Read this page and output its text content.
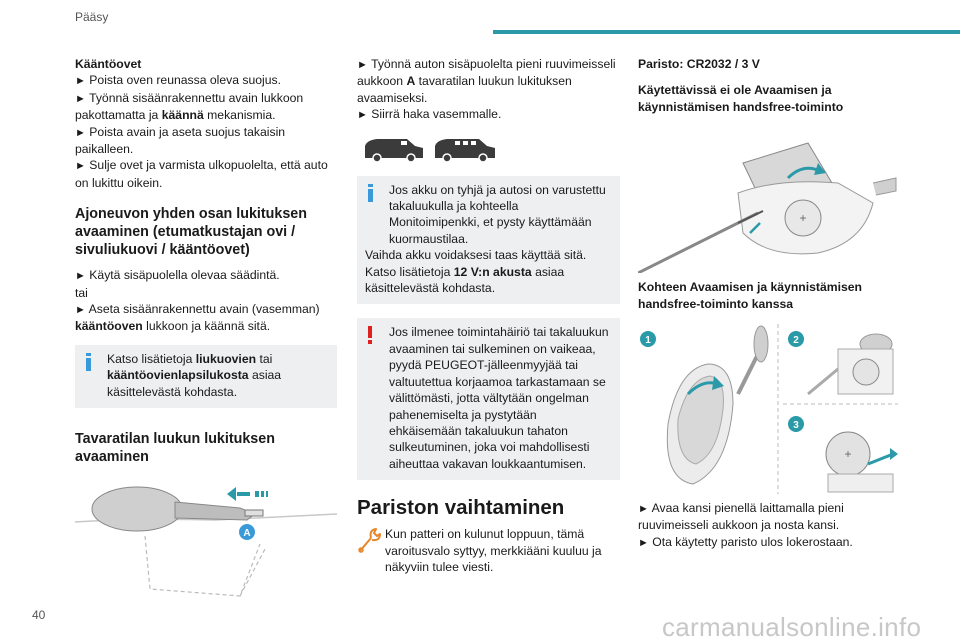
Pääsy

Kääntöovet

► Poista oven reunassa oleva suojus.

► Työnnä sisäänrakennettu avain lukkoon pakottamatta ja käännä mekanismia.

► Poista avain ja aseta suojus takaisin paikalleen.

► Sulje ovet ja varmista ulkopuolelta, että auto on lukittu oikein.

Ajoneuvon yhden osan lukituksen avaaminen (etumatkustajan ovi / sivuliukuovi / kääntöovet)

► Käytä sisäpuolella olevaa säädintä.

tai

► Aseta sisäänrakennettu avain (vasemman) kääntöoven lukkoon ja käännä sitä.

Katso lisätietoja liukuovien tai kääntöovienlapsilukosta asiaa käsittelevästä kohdasta.

Tavaratilan luukun lukituksen avaaminen
A

► Työnnä auton sisäpuolelta pieni ruuvimeisseli aukkoon A tavaratilan luukun lukituksen avaamiseksi.

► Siirrä haka vasemmalle.

Jos akku on tyhjä ja autosi on varustettu takaluukulla ja kohteella Monitoimipenkki, et pysty käyttämään kuormaustilaa.

Vaihda akku voidaksesi taas käyttää sitä.

Katso lisätietoja 12 V:n akusta asiaa käsittelevästä kohdasta.

Jos ilmenee toimintahäiriö tai takaluukun avaaminen tai sulkeminen on vaikeaa, pyydä PEUGEOT-jälleenmyyjää tai valtuutettua korjaamoa tarkastamaan se välittömästi, jotta vältytään ongelman pahenemiselta ja pystytään ehkäisemään takaluukun tahaton sulkeutuminen, joka voi mahdollisesti aiheuttaa vakavan loukkaantumisen.

Pariston vaihtaminen

Kun patteri on kulunut loppuun, tämä varoitusvalo syttyy, merkkiääni kuuluu ja näkyviin tulee viesti.

Paristo: CR2032 / 3 V

Käytettävissä ei ole Avaamisen ja käynnistämisen handsfree-toiminto
+
Kohteen Avaamisen ja käynnistämisen handsfree-toiminto kanssa
1	2
3
+

► Avaa kansi pienellä laittamalla pieni ruuvimeisseli aukkoon ja nosta kansi.

► Ota käytetty paristo ulos lokerostaan.

40	carmanualsonline.info
